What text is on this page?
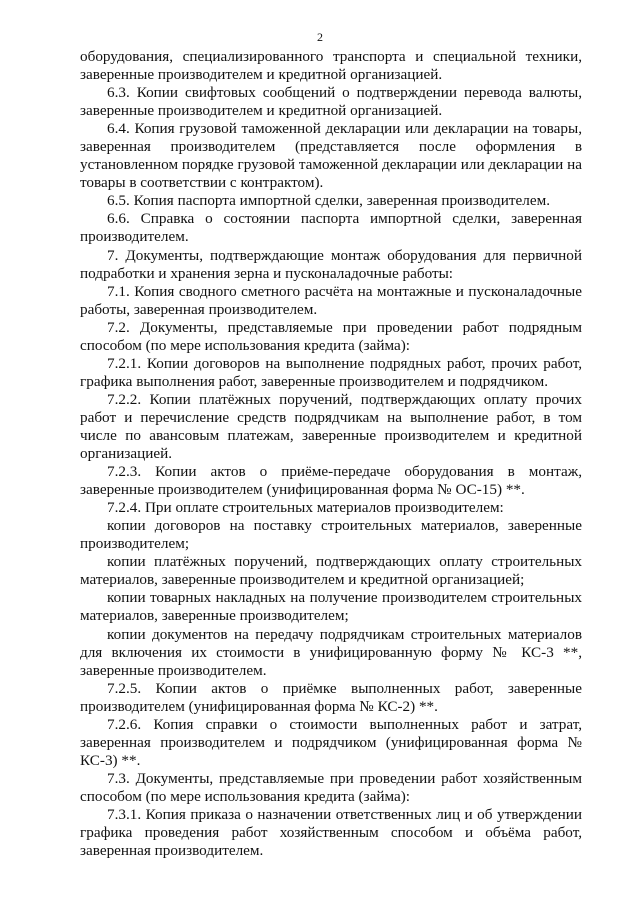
2

оборудования, специализированного транспорта и специальной техники, заверенные производителем и кредитной организацией.

6.3. Копии свифтовых сообщений о подтверждении перевода валюты, заверенные производителем и кредитной организацией.

6.4. Копия грузовой таможенной декларации или декларации на товары, заверенная производителем (представляется после оформления в установленном порядке грузовой таможенной декларации или декларации на товары в соответствии с контрактом).

6.5. Копия паспорта импортной сделки, заверенная производителем.

6.6. Справка о состоянии паспорта импортной сделки, заверенная производителем.

7. Документы, подтверждающие монтаж оборудования для первичной подработки и хранения зерна и пусконаладочные работы:

7.1. Копия сводного сметного расчёта на монтажные и пусконаладочные работы, заверенная производителем.

7.2. Документы, представляемые при проведении работ подрядным способом (по мере использования кредита (займа):

7.2.1. Копии договоров на выполнение подрядных работ, прочих работ, графика выполнения работ, заверенные производителем и подрядчиком.

7.2.2. Копии платёжных поручений, подтверждающих оплату прочих работ и перечисление средств подрядчикам на выполнение работ, в том числе по авансовым платежам, заверенные производителем и кредитной организацией.

7.2.3. Копии актов о приёме-передаче оборудования в монтаж, заверенные производителем (унифицированная форма № ОС-15) **.

7.2.4. При оплате строительных материалов производителем:

копии договоров на поставку строительных материалов, заверенные производителем;

копии платёжных поручений, подтверждающих оплату строительных материалов, заверенные производителем и кредитной организацией;

копии товарных накладных на получение производителем строительных материалов, заверенные производителем;

копии документов на передачу подрядчикам строительных материалов для включения их стоимости в унифицированную форму № КС-3 **, заверенные производителем.

7.2.5. Копии актов о приёмке выполненных работ, заверенные производителем (унифицированная форма № КС-2) **.

7.2.6. Копия справки о стоимости выполненных работ и затрат, заверенная производителем и подрядчиком (унифицированная форма № КС-3) **.

7.3. Документы, представляемые при проведении работ хозяйственным способом (по мере использования кредита (займа):

7.3.1. Копия приказа о назначении ответственных лиц и об утверждении графика проведения работ хозяйственным способом и объёма работ, заверенная производителем.
